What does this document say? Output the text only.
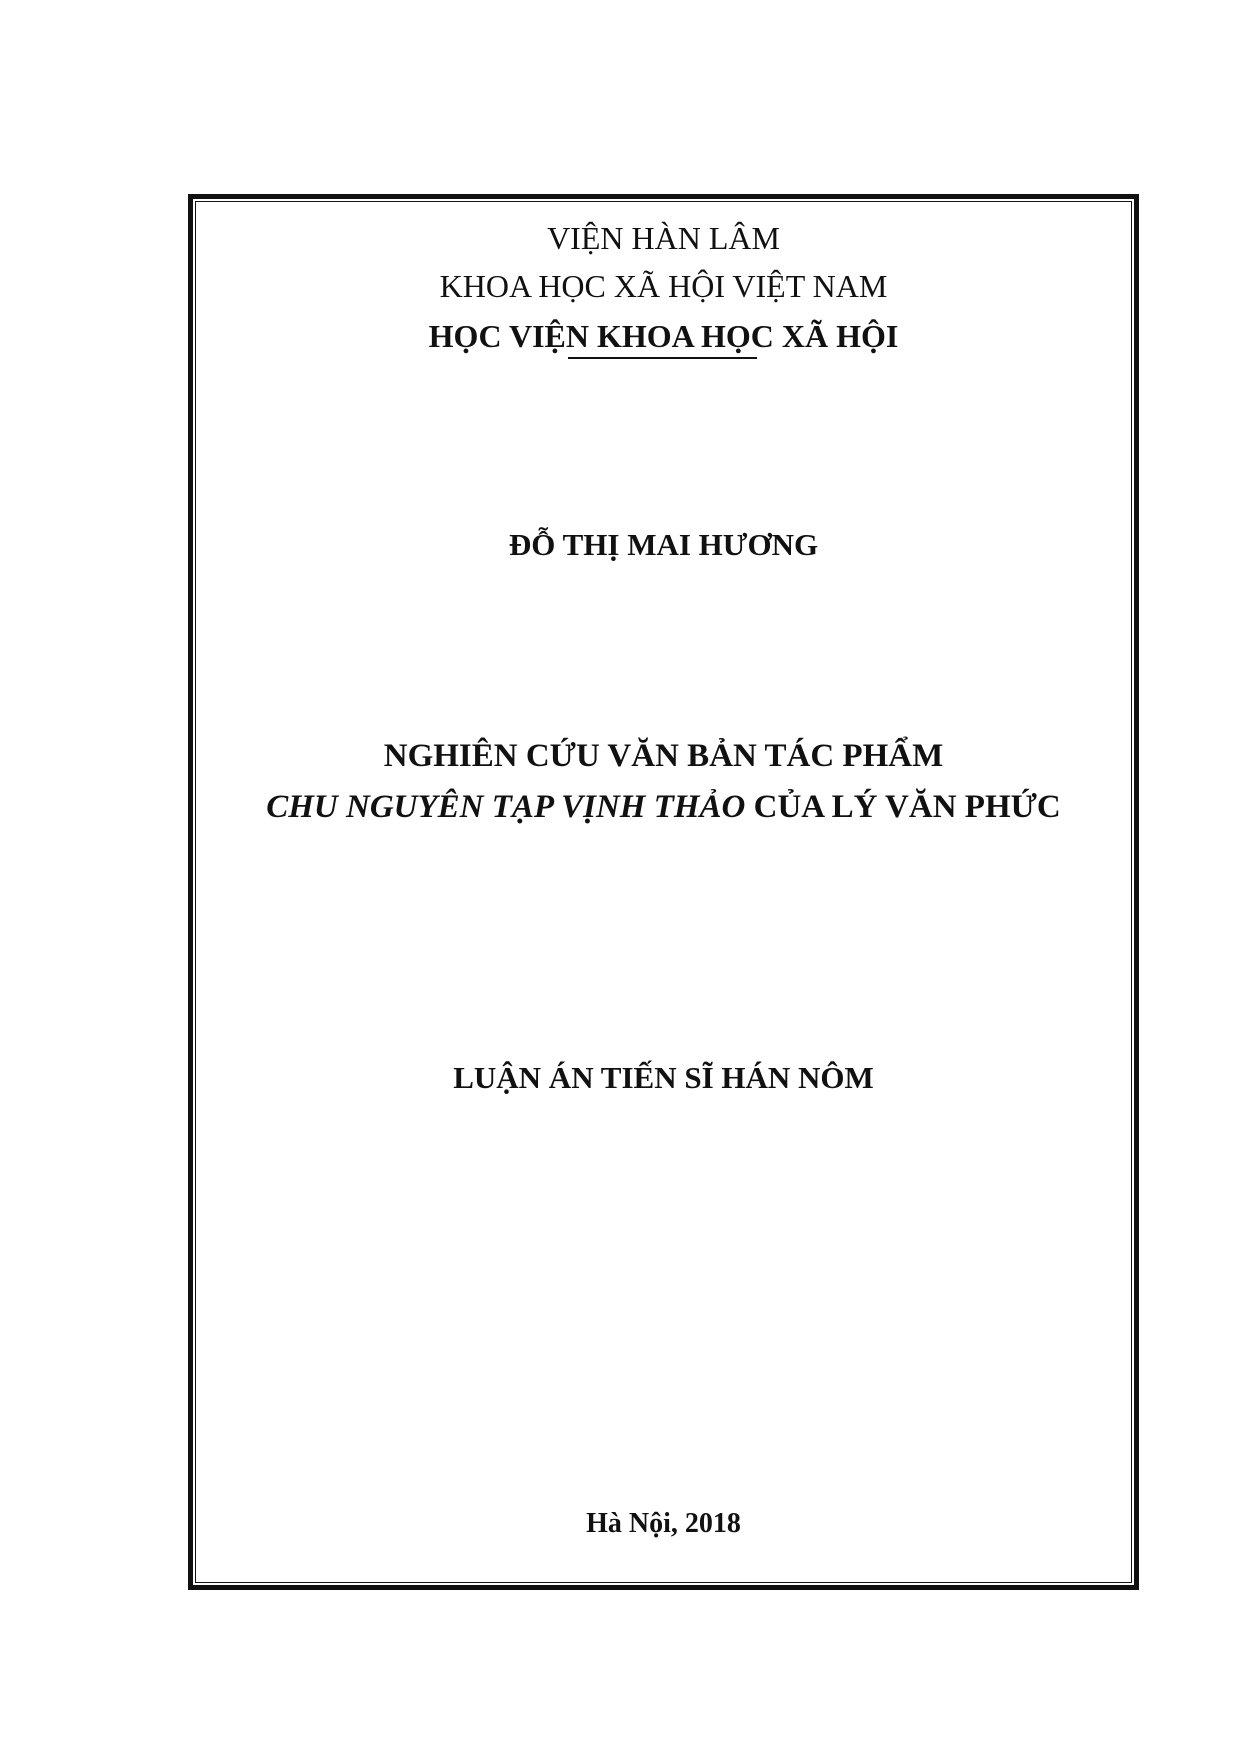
VIỆN HÀN LÂM
KHOA HỌC XÃ HỘI VIỆT NAM
HỌC VIỆN KHOA HỌC XÃ HỘI
ĐỖ THỊ MAI HƯƠNG
NGHIÊN CỨU VĂN BẢN TÁC PHẨM
CHU NGUYÊN TẠP VỊNH THẢO CỦA LÝ VĂN PHỨC
LUẬN ÁN TIẾN SĨ HÁN NÔM
Hà Nội, 2018
